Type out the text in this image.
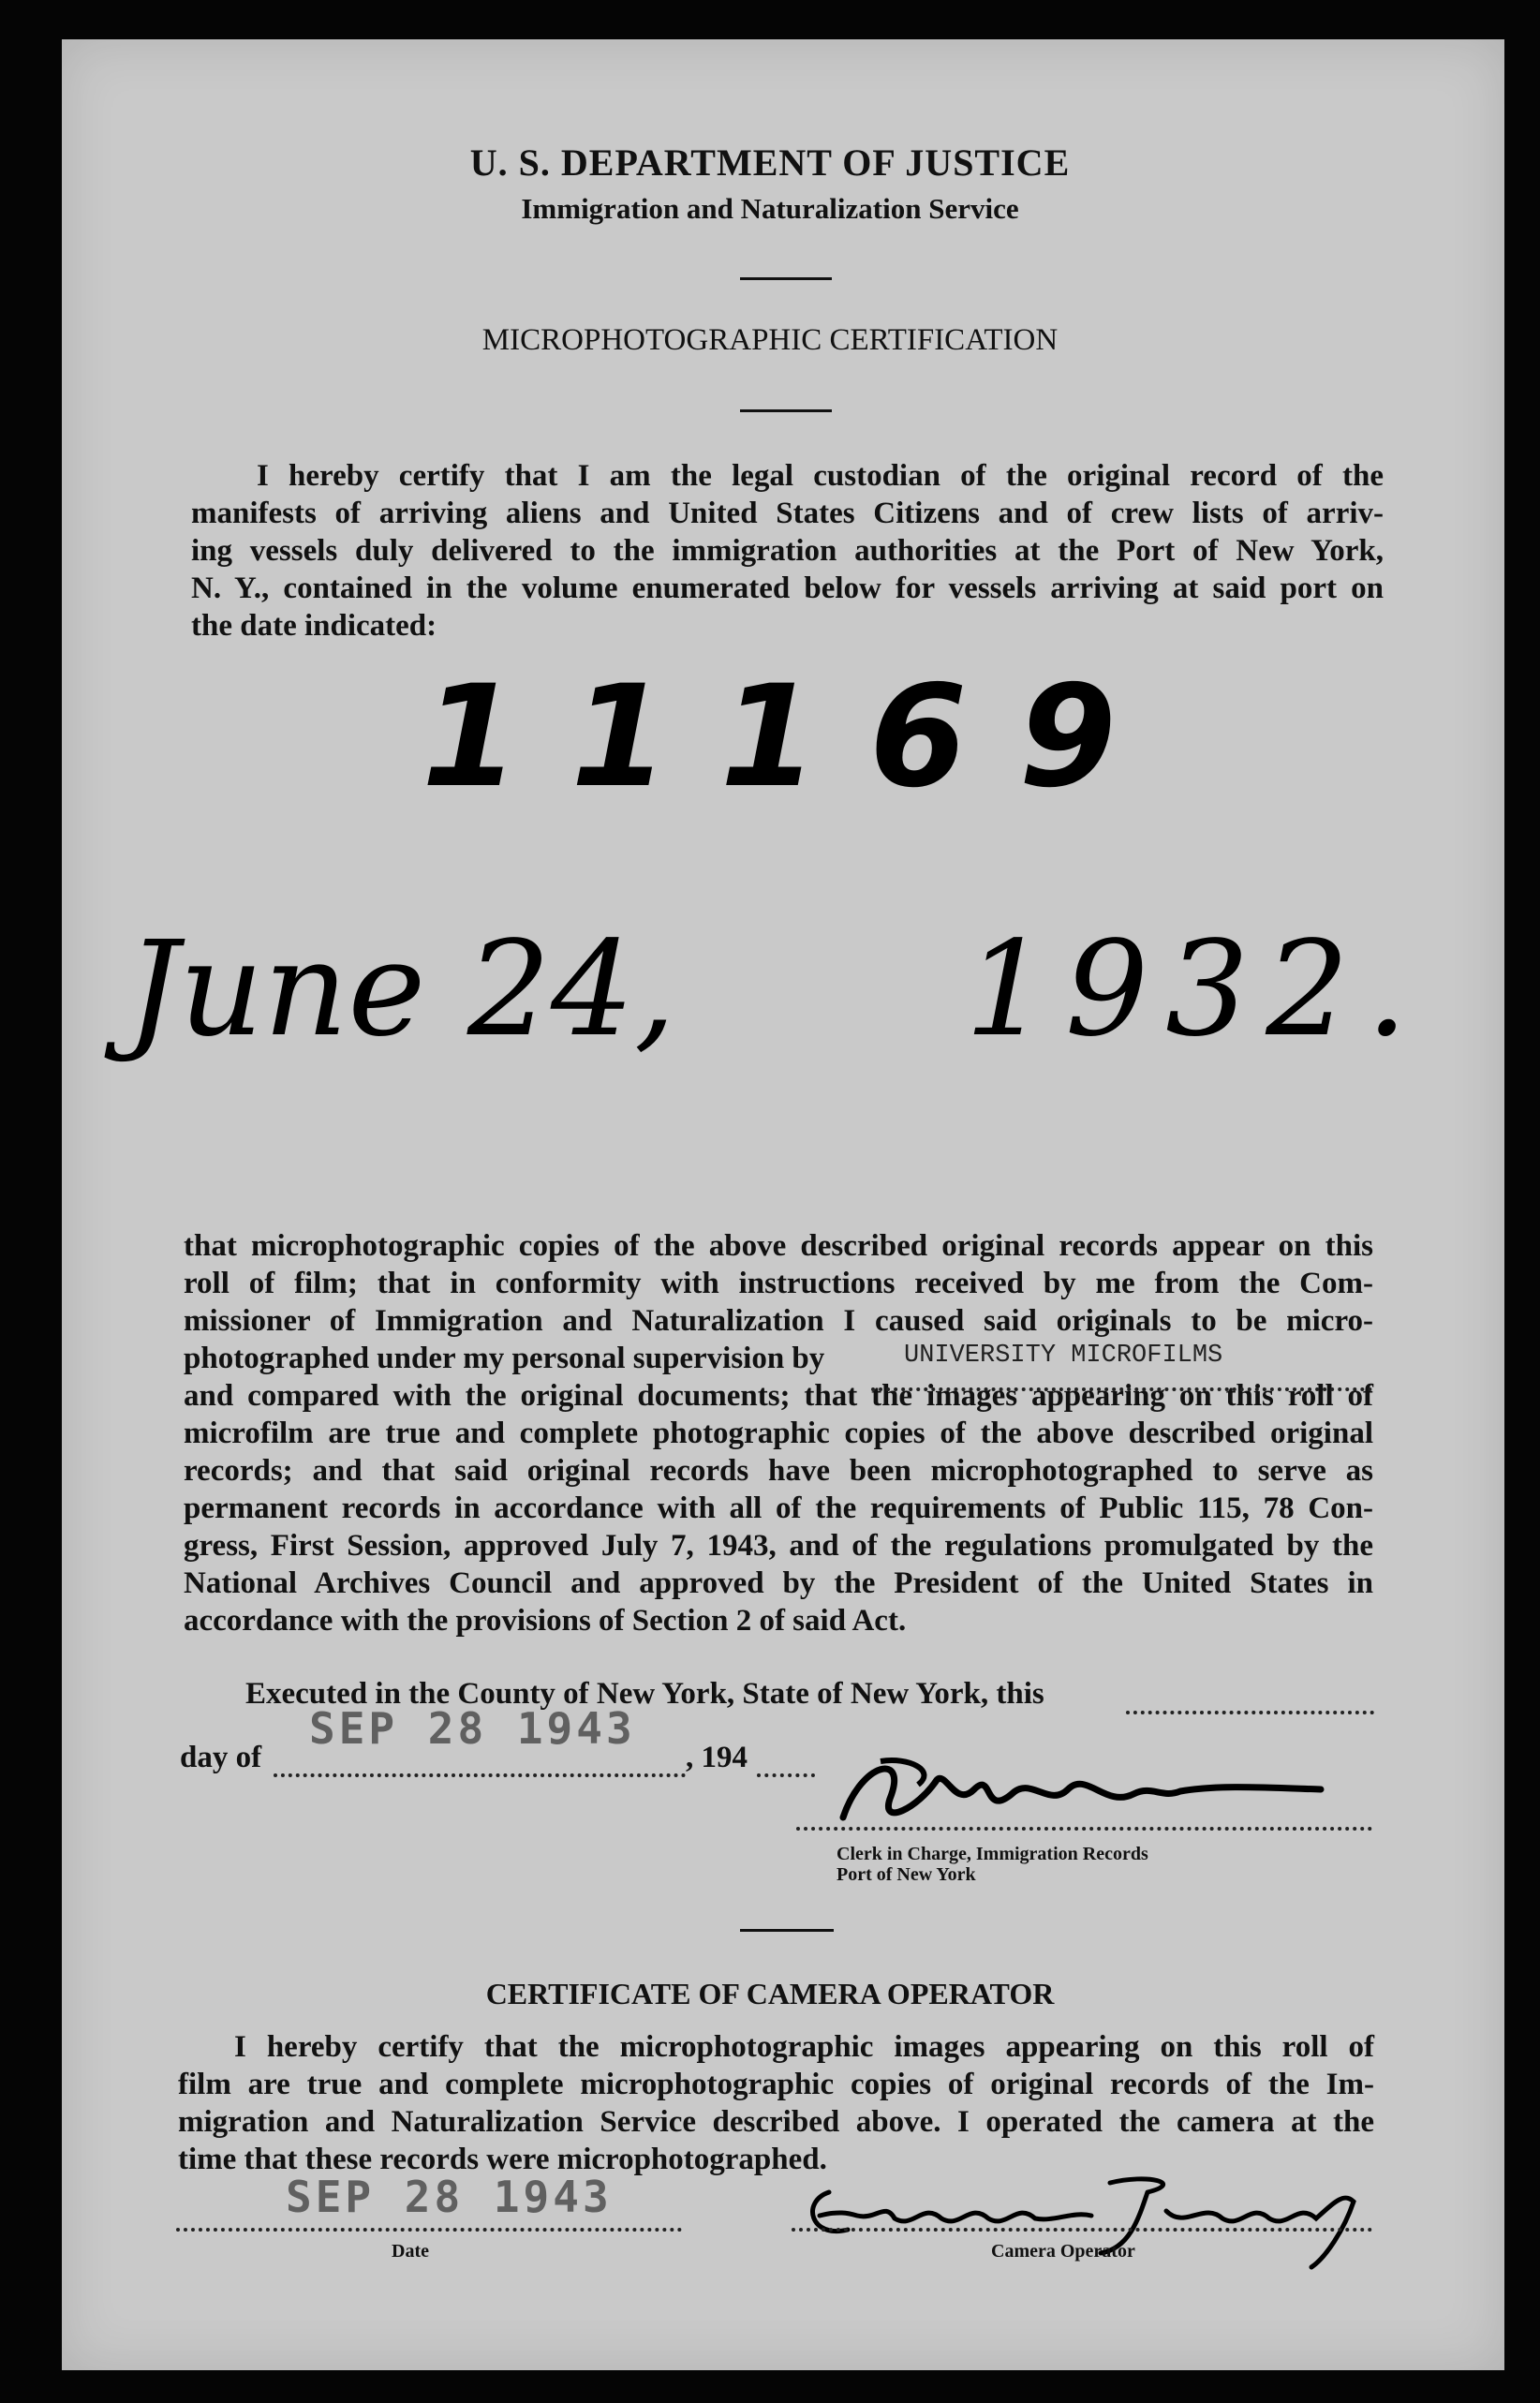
U. S. DEPARTMENT OF JUSTICE
Immigration and Naturalization Service
MICROPHOTOGRAPHIC CERTIFICATION
I hereby certify that I am the legal custodian of the original record of the
manifests of arriving aliens and United States Citizens and of crew lists of arriv-
ing vessels duly delivered to the immigration authorities at the Port of New York,
N. Y., contained in the volume enumerated below for vessels arriving at said port on
the date indicated:
11169
June 24, 1932.
that microphotographic copies of the above described original records appear on this
roll of film; that in conformity with instructions received by me from the Com-
missioner of Immigration and Naturalization I caused said originals to be micro-
photographed under my personal supervision by
and compared with the original documents; that the images appearing on this roll of
microfilm are true and complete photographic copies of the above described original
records; and that said original records have been microphotographed to serve as
permanent records in accordance with all of the requirements of Public 115, 78 Con-
gress, First Session, approved July 7, 1943, and of the regulations promulgated by the
National Archives Council and approved by the President of the United States in
accordance with the provisions of Section 2 of said Act.
UNIVERSITY MICROFILMS
Executed in the County of New York, State of New York, this
day of	, 194
SEP 28 1943
Clerk in Charge, Immigration Records
Port of New York
CERTIFICATE OF CAMERA OPERATOR
I hereby certify that the microphotographic images appearing on this roll of
film are true and complete microphotographic copies of original records of the Im-
migration and Naturalization Service described above. I operated the camera at the
time that these records were microphotographed.
SEP 28 1943
Date	Camera Operator
